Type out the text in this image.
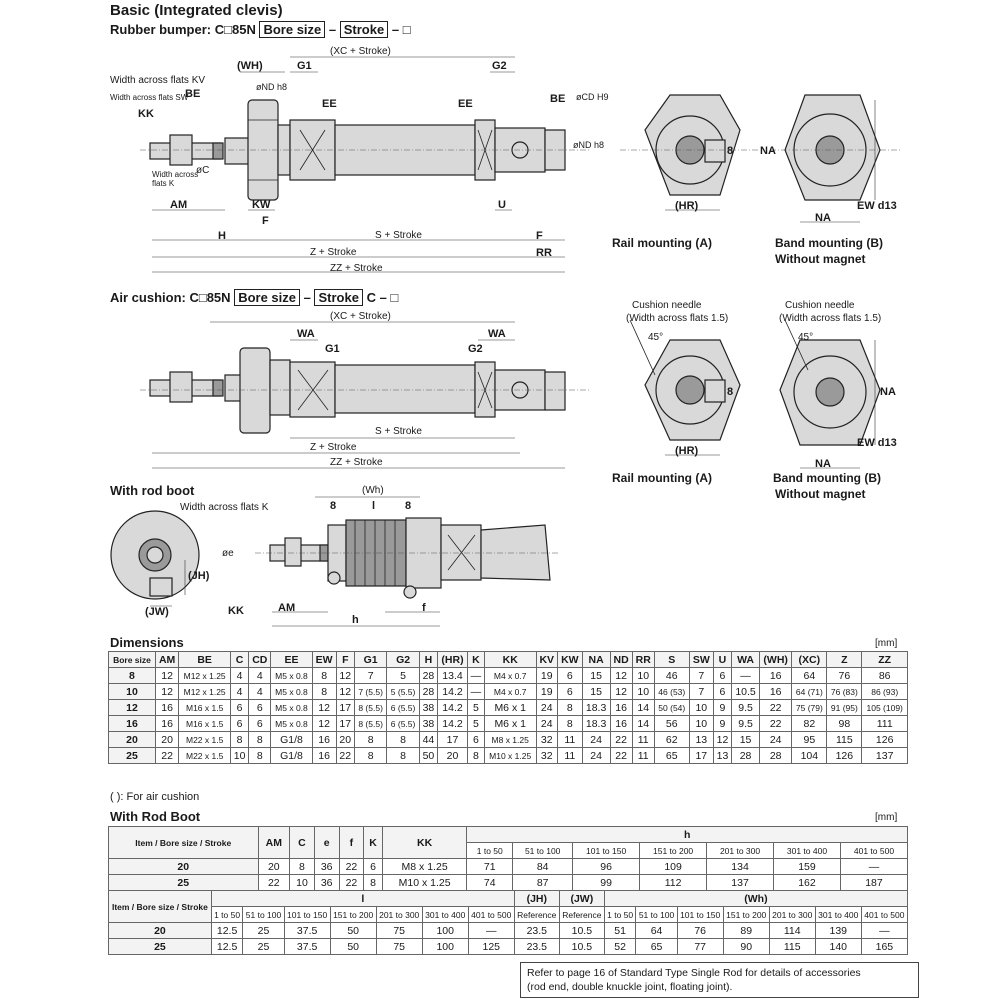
Basic (Integrated clevis)
Rubber bumper: C□85N Bore size – Stroke – □
(XC + Stroke)
(WH)	G1	G2
Width across flats KV
Width across flats SW
BE
KK
øND h8
EE	EE	BE øCD H9
øND h8
øC
Width across flats K
AM	KW
F
U
H	S + Stroke	F
Z + Stroke	RR
ZZ + Stroke
8
(HR)
NA
NA
EW d13
Rail mounting (A)	Band mounting (B)
Without magnet
Air cushion: C□85N Bore size – Stroke C – □
(XC + Stroke)
WA
G1
WA
G2
S + Stroke
Z + Stroke
ZZ + Stroke
Cushion needle
(Width across flats 1.5)
45°
Cushion needle
(Width across flats 1.5)
45°
8
(HR)
NA
NA
EW d13
Rail mounting (A)	Band mounting (B)
Without magnet
With rod boot	(Wh)
Width across flats K	8	l	8
øe
(JH)
(JW)	KK	AM
h
f
Dimensions	[mm]
Bore size	AM	BE	C	CD	EE	EW	F	G1	G2	H	(HR)	K	KK	KV	KW	NA	ND	RR	S	SW	U	WA	(WH)	(XC)	Z	ZZ
8	12	M12 x 1.25	4	4	M5 x 0.8	8	12	7	5	28	13.4	—	M4 x 0.7	19	6	15	12	10	46	7	6	—	16	64	76	86
10	12	M12 x 1.25	4	4	M5 x 0.8	8	12	7 (5.5)	5 (5.5)	28	14.2	—	M4 x 0.7	19	6	15	12	10	46 (53)	7	6	10.5	16	64 (71)	76 (83)	86 (93)
12	16	M16 x 1.5	6	6	M5 x 0.8	12	17	8 (5.5)	6 (5.5)	38	14.2	5	M6 x 1	24	8	18.3	16	14	50 (54)	10	9	9.5	22	75 (79)	91 (95)	105 (109)
16	16	M16 x 1.5	6	6	M5 x 0.8	12	17	8 (5.5)	6 (5.5)	38	14.2	5	M6 x 1	24	8	18.3	16	14	56	10	9	9.5	22	82	98	111
20	20	M22 x 1.5	8	8	G1/8	16	20	8	8	44	17	6	M8 x 1.25	32	11	24	22	11	62	13	12	15	24	95	115	126
25	22	M22 x 1.5	10	8	G1/8	16	22	8	8	50	20	8	M10 x 1.25	32	11	24	22	11	65	17	13	28	28	104	126	137
( ): For air cushion
With Rod Boot	[mm]
Item / Bore size / Stroke	AM	C	e	f	K	KK	h						
							1 to 50	51 to 100	101 to 150	151 to 200	201 to 300	301 to 400	401 to 500
20	20	8	36	22	6	M8 x 1.25	71	84	96	109	134	159	—
25	22	10	36	22	8	M10 x 1.25	74	87	99	112	137	162	187
Item / Bore size / Stroke	l							(JH)	(JW)	(Wh)						
	1 to 50	51 to 100	101 to 150	151 to 200	201 to 300	301 to 400	401 to 500	Reference	Reference	1 to 50	51 to 100	101 to 150	151 to 200	201 to 300	301 to 400	401 to 500
20	12.5	25	37.5	50	75	100	—	23.5	10.5	51	64	76	89	114	139	—
25	12.5	25	37.5	50	75	100	125	23.5	10.5	52	65	77	90	115	140	165
Refer to page 16 of Standard Type Single Rod for details of accessories
(rod end, double knuckle joint, floating joint).
